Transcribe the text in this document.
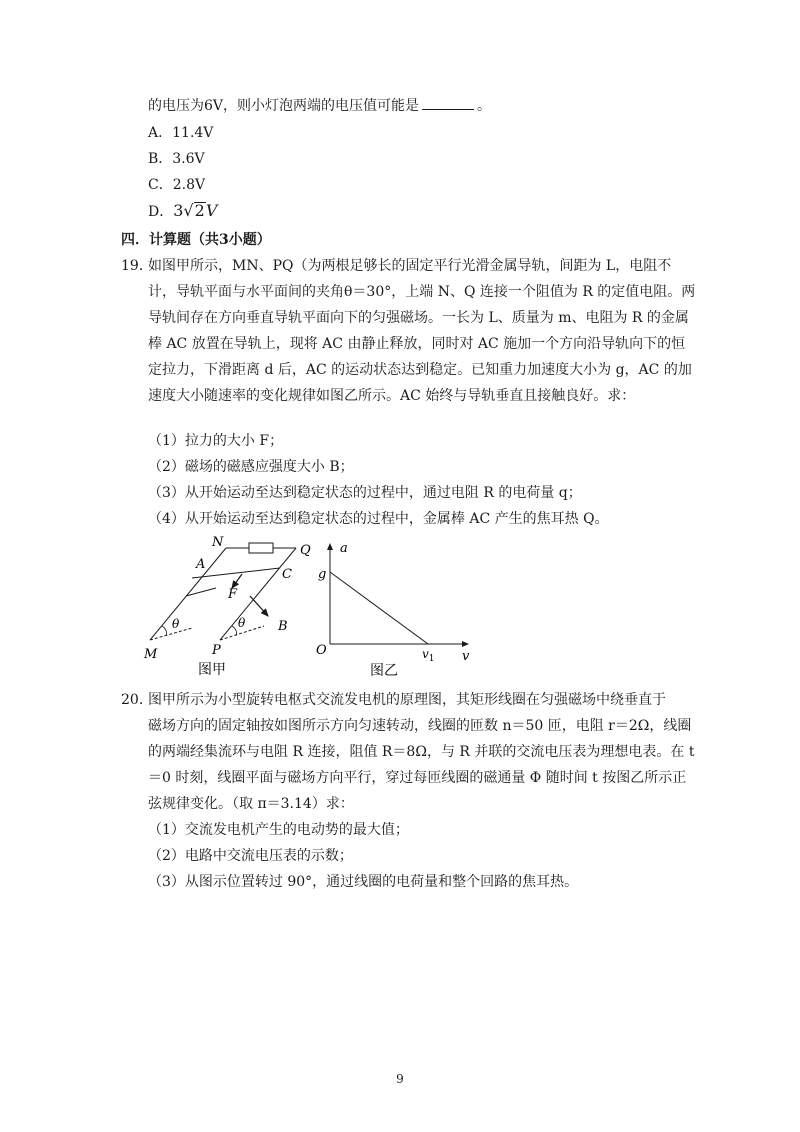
的电压为6V，则小灯泡两端的电压值可能是	。
A．11.4V
B．3.6V
C．2.8V
D．3√2V
四．计算题（共3小题）
19．
如图甲所示，MN、PQ（为两根足够长的固定平行光滑金属导轨，间距为 L，电阻不
计，导轨平面与水平面间的夹角θ＝30°，上端 N、Q 连接一个阻值为 R 的定值电阻。两
导轨间存在方向垂直导轨平面向下的匀强磁场。一长为 L、质量为 m、电阻为 R 的金属
棒 AC 放置在导轨上，现将 AC 由静止释放，同时对 AC 施加一个方向沿导轨向下的恒
定拉力，下滑距离 d 后，AC 的运动状态达到稳定。已知重力加速度大小为 g，AC 的加
速度大小随速率的变化规律如图乙所示。AC 始终与导轨垂直且接触良好。求：
（1）拉力的大小 F；
（2）磁场的磁感应强度大小 B；
（3）从开始运动至达到稳定状态的过程中，通过电阻 R 的电荷量 q；
（4）从开始运动至达到稳定状态的过程中，金属棒 AC 产生的焦耳热 Q。
N
Q
A
C
F
B
θ	θ
M	P
图甲
a
g
O	$v_1$ v
图乙
20．
图甲所示为小型旋转电枢式交流发电机的原理图，其矩形线圈在匀强磁场中绕垂直于
磁场方向的固定轴按如图所示方向匀速转动，线圈的匝数 n＝50 匝，电阻 r＝2Ω，线圈
的两端经集流环与电阻 R 连接，阻值 R＝8Ω，与 R 并联的交流电压表为理想电表。在 t
＝0 时刻，线圈平面与磁场方向平行，穿过每匝线圈的磁通量 Φ 随时间 t 按图乙所示正
弦规律变化。（取 π＝3.14）求：
（1）交流发电机产生的电动势的最大值；
（2）电路中交流电压表的示数；
（3）从图示位置转过 90°，通过线圈的电荷量和整个回路的焦耳热。
9
